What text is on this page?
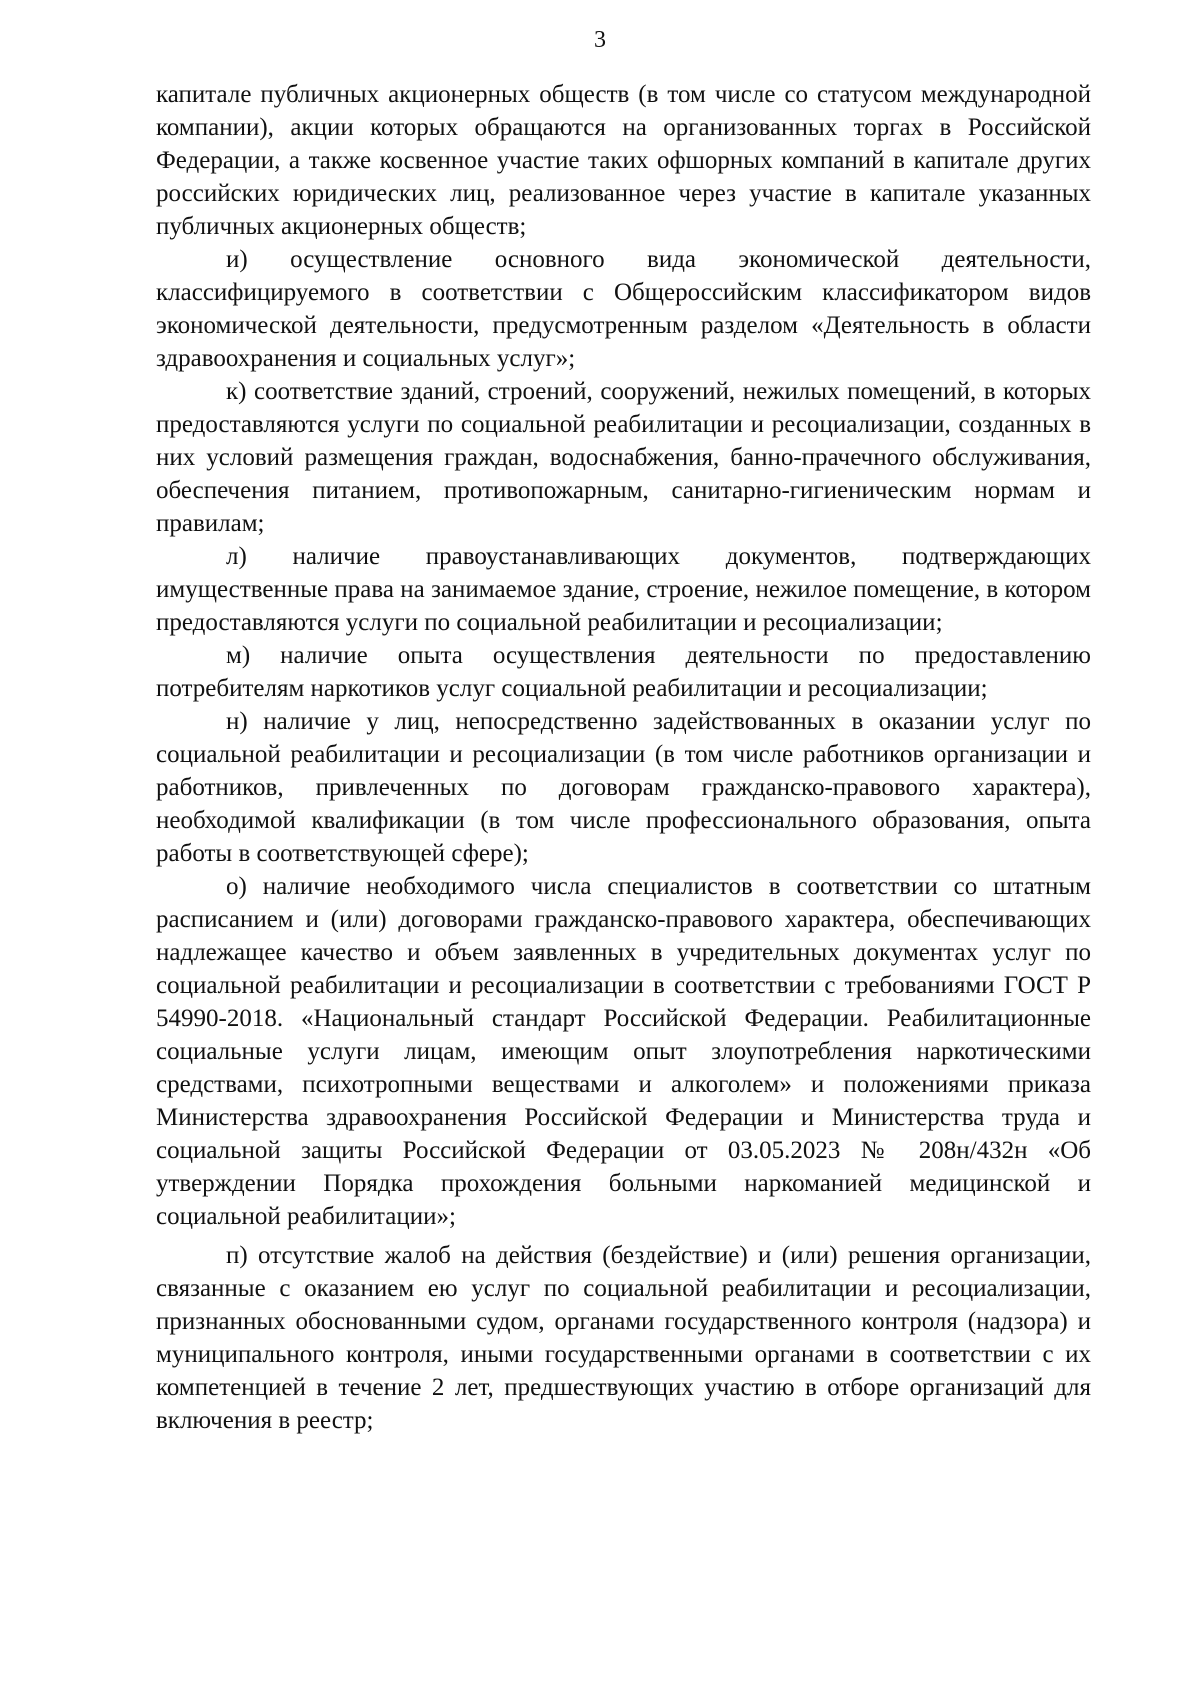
3

капитале публичных акционерных обществ (в том числе со статусом международной компании), акции которых обращаются на организованных торгах в Российской Федерации, а также косвенное участие таких офшорных компаний в капитале других российских юридических лиц, реализованное через участие в капитале указанных публичных акционерных обществ;

и) осуществление основного вида экономической деятельности, классифицируемого в соответствии с Общероссийским классификатором видов экономической деятельности, предусмотренным разделом «Деятельность в области здравоохранения и социальных услуг»;

к) соответствие зданий, строений, сооружений, нежилых помещений, в которых предоставляются услуги по социальной реабилитации и ресоциализации, созданных в них условий размещения граждан, водоснабжения, банно-прачечного обслуживания, обеспечения питанием, противопожарным, санитарно-гигиеническим нормам и правилам;

л) наличие правоустанавливающих документов, подтверждающих имущественные права на занимаемое здание, строение, нежилое помещение, в котором предоставляются услуги по социальной реабилитации и ресоциализации;

м) наличие опыта осуществления деятельности по предоставлению потребителям наркотиков услуг социальной реабилитации и ресоциализации;

н) наличие у лиц, непосредственно задействованных в оказании услуг по социальной реабилитации и ресоциализации (в том числе работников организации и работников, привлеченных по договорам гражданско-правового характера), необходимой квалификации (в том числе профессионального образования, опыта работы в соответствующей сфере);

о) наличие необходимого числа специалистов в соответствии со штатным расписанием и (или) договорами гражданско-правового характера, обеспечивающих надлежащее качество и объем заявленных в учредительных документах услуг по социальной реабилитации и ресоциализации в соответствии с требованиями ГОСТ Р 54990-2018. «Национальный стандарт Российской Федерации. Реабилитационные социальные услуги лицам, имеющим опыт злоупотребления наркотическими средствами, психотропными веществами и алкоголем» и положениями приказа Министерства здравоохранения Российской Федерации и Министерства труда и социальной защиты Российской Федерации от 03.05.2023 № 208н/432н «Об утверждении Порядка прохождения больными наркоманией медицинской и социальной реабилитации»;

п) отсутствие жалоб на действия (бездействие) и (или) решения организации, связанные с оказанием ею услуг по социальной реабилитации и ресоциализации, признанных обоснованными судом, органами государственного контроля (надзора) и муниципального контроля, иными государственными органами в соответствии с их компетенцией в течение 2 лет, предшествующих участию в отборе организаций для включения в реестр;
